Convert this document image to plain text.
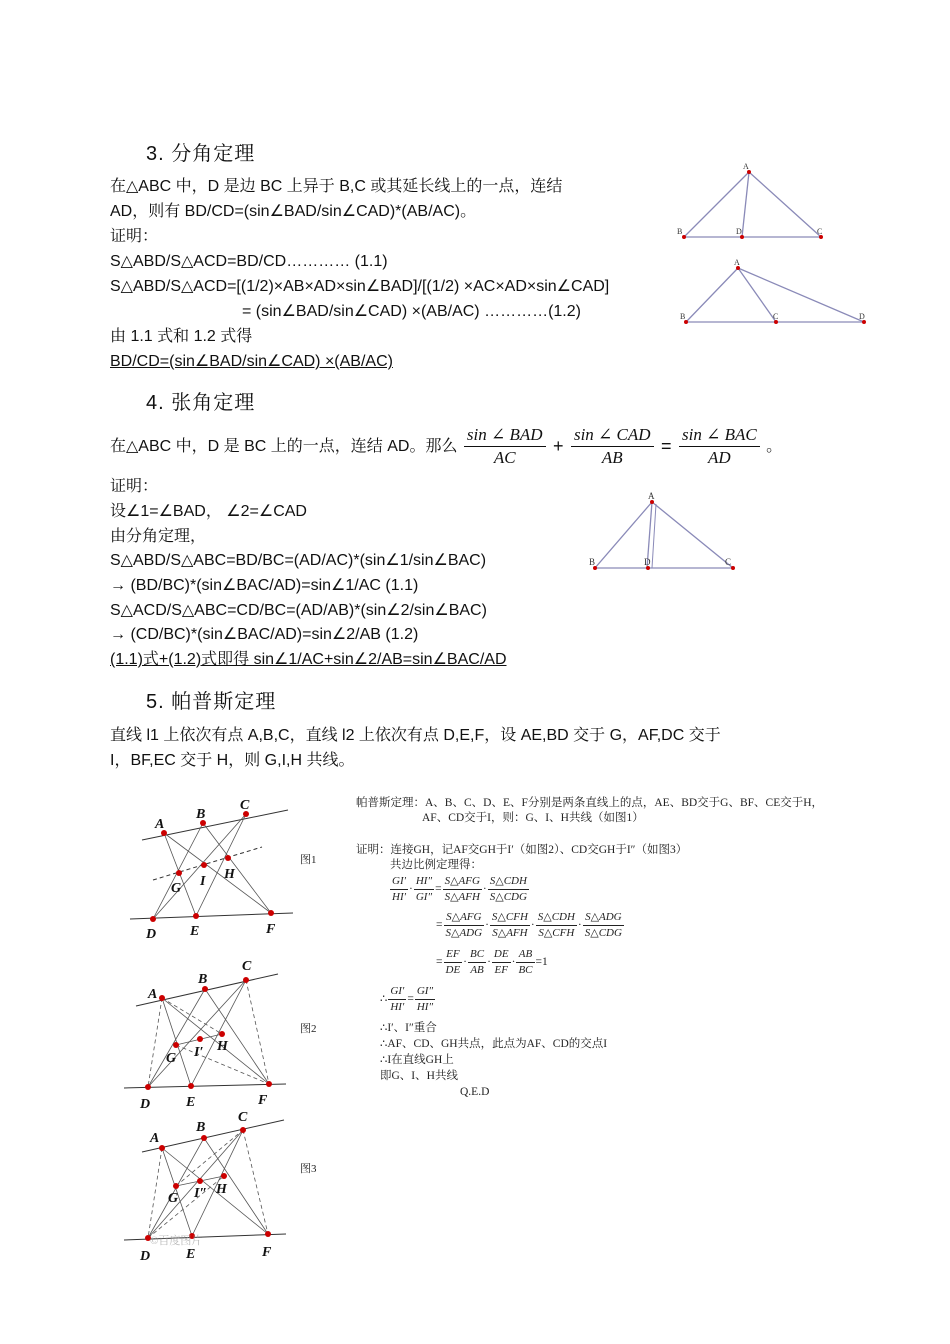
3. 分角定理
在△ABC 中，D 是边 BC 上异于 B,C 或其延长线上的一点，连结
AD，则有 BD/CD=(sin∠BAD/sin∠CAD)*(AB/AC)。
证明：
S△ABD/S△ACD=BD/CD………… (1.1)
S△ABD/S△ACD=[(1/2)×AB×AD×sin∠BAD]/[(1/2) ×AC×AD×sin∠CAD]
= (sin∠BAD/sin∠CAD) ×(AB/AC) …………(1.2)
由 1.1 式和 1.2 式得
BD/CD=(sin∠BAD/sin∠CAD) ×(AB/AC)
A
B	D	C
A
B	C	D
4. 张角定理
在△ABC 中，D 是 BC 上的一点，连结 AD。那么 $\frac{\text{sin ∠ BAD}}{AC} + \frac{\text{sin ∠ CAD}}{AB} = \frac{\text{sin ∠ BAC}}{AD}$ 。
证明：
设∠1=∠BAD， ∠2=∠CAD
由分角定理，
S△ABD/S△ABC=BD/BC=(AD/AC)*(sin∠1/sin∠BAC)
→ (BD/BC)*(sin∠BAC/AD)=sin∠1/AC (1.1)
S△ACD/S△ABC=CD/BC=(AD/AB)*(sin∠2/sin∠BAC)
→ (CD/BC)*(sin∠BAC/AD)=sin∠2/AB (1.2)
(1.1)式+(1.2)式即得 sin∠1/AC+sin∠2/AB=sin∠BAC/AD
A
B	D	C
5. 帕普斯定理
直线 l1 上依次有点 A,B,C，直线 l2 上依次有点 D,E,F，设 AE,BD 交于 G，AF,DC 交于
I，BF,EC 交于 H，则 G,I,H 共线。
A
B
C
D E	F
G I H
图1
A
B
C
D	E	F
G I′ H
图2
A
B
C
D	E	F
G I″ H
©百度图片
图3
帕普斯定理：A、B、C、D、E、F分别是两条直线上的点，AE、BD交于G、BF、CE交于H，
AF、CD交于I，则：G、I、H共线（如图1）
证明：连接GH，记AF交GH于I′（如图2）、CD交GH于I″（如图3）
共边比例定理得：
$\frac{GI'}{HI'} \cdot \frac{HI''}{GI''}$ =
S△AFG
S△AFH
·
S△CDH
S△CDG
=
S△AFG
S△ADG
·
S△CFH
S△AFH
·
S△CDH
S△CFH
·
S△ADG
S△CDG
= $\frac{EF}{DE} \cdot \frac{BC}{AB} \cdot \frac{DE}{EF} \cdot \frac{AB}{BC} =1$
∴ $\frac{GI'}{HI'} = \frac{GI''}{HI''}$
∴I′、I″重合
∴AF、CD、GH共点，此点为AF、CD的交点I
∴I在直线GH上
即G、I、H共线
Q.E.D
